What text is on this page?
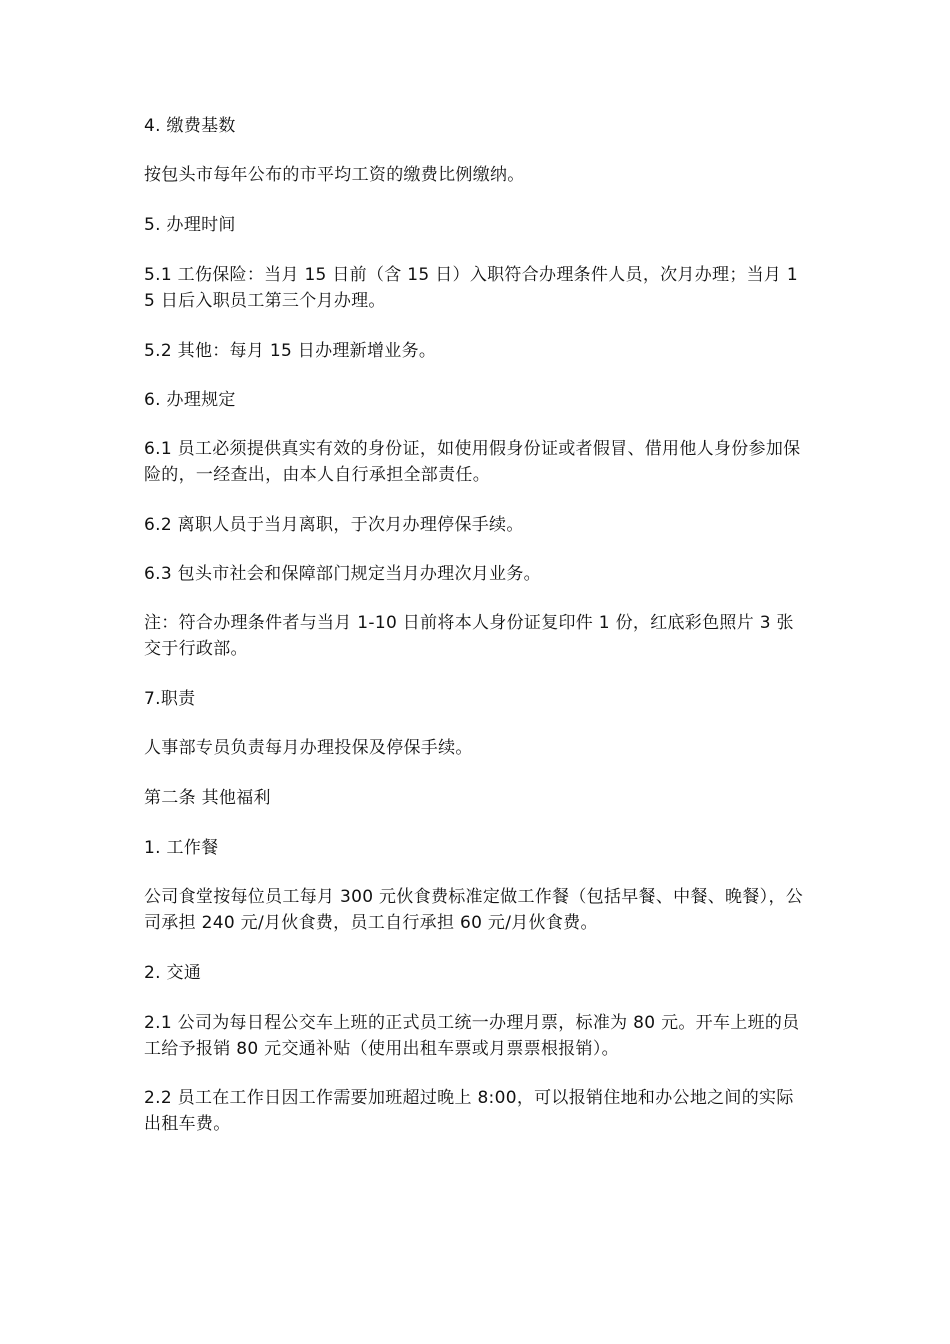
4. 缴费基数

按包头市每年公布的市平均工资的缴费比例缴纳。

5. 办理时间

5.1 工伤保险：当月 15 日前（含 15 日）入职符合办理条件人员，次月办理；当月 15 日后入职员工第三个月办理。

5.2 其他：每月 15 日办理新增业务。

6. 办理规定

6.1 员工必须提供真实有效的身份证，如使用假身份证或者假冒、借用他人身份参加保险的，一经查出，由本人自行承担全部责任。

6.2 离职人员于当月离职，于次月办理停保手续。

6.3 包头市社会和保障部门规定当月办理次月业务。

注：符合办理条件者与当月 1-10 日前将本人身份证复印件 1 份，红底彩色照片 3 张交于行政部。

7.职责

人事部专员负责每月办理投保及停保手续。

第二条 其他福利

1. 工作餐

公司食堂按每位员工每月 300 元伙食费标准定做工作餐（包括早餐、中餐、晚餐），公司承担 240 元/月伙食费，员工自行承担 60 元/月伙食费。

2. 交通

2.1 公司为每日程公交车上班的正式员工统一办理月票，标准为 80 元。开车上班的员工给予报销 80 元交通补贴（使用出租车票或月票票根报销）。

2.2 员工在工作日因工作需要加班超过晚上 8:00，可以报销住地和办公地之间的实际出租车费。
